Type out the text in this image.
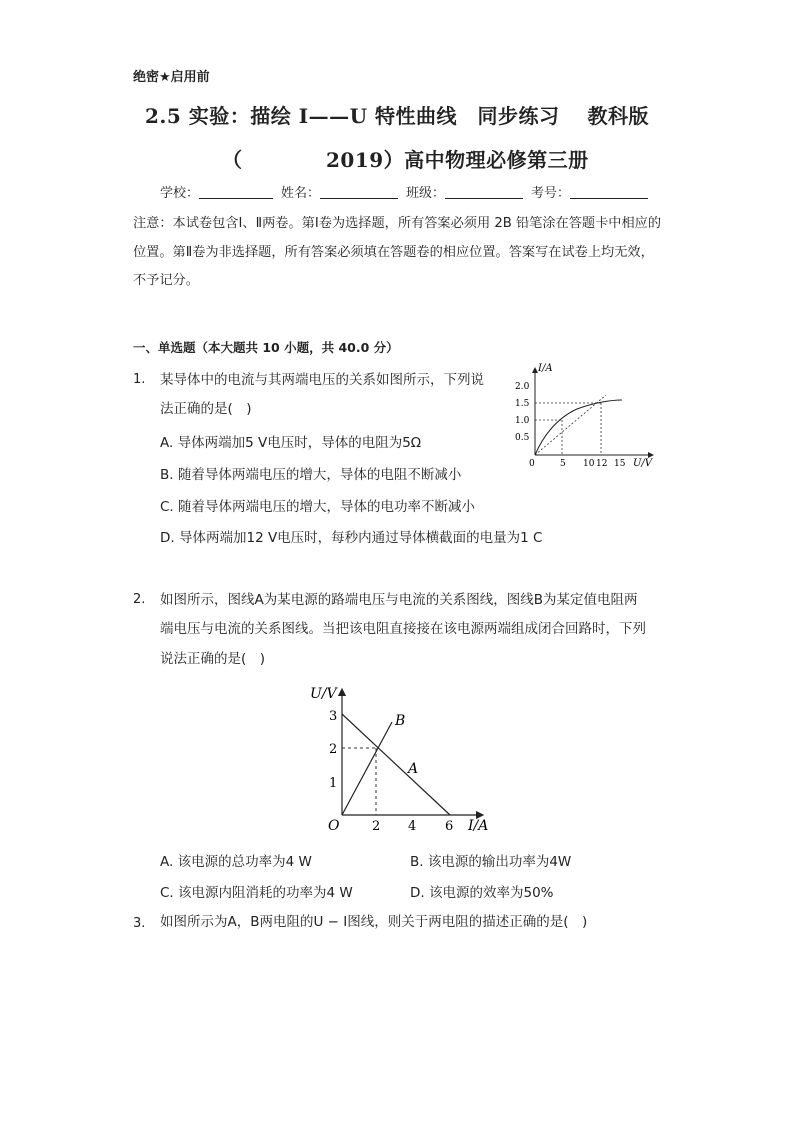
绝密★启用前
2.5 实验：描绘 I——U 特性曲线　同步练习　 教科版
（	2019）高中物理必修第三册
学校：	姓名：	班级：	考号：
注意：本试卷包含Ⅰ、Ⅱ两卷。第Ⅰ卷为选择题，所有答案必须用 2B 铅笔涂在答题卡中相应的位置。第Ⅱ卷为非选择题，所有答案必须填在答题卷的相应位置。答案写在试卷上均无效，不予记分。
一、单选题（本大题共 10 小题，共 40.0 分）
1. 某导体中的电流与其两端电压的关系如图所示，下列说
法正确的是(　)
A. 导体两端加5 V电压时，导体的电阻为5Ω
B. 随着导体两端电压的增大，导体的电阻不断减小
C. 随着导体两端电压的增大，导体的电功率不断减小
D. 导体两端加12 V电压时，每秒内通过导体横截面的电量为1 C
I/A
U/V
0	5 10 12 15
0.5
1.0
1.5
2.0
2. 如图所示，图线A为某电源的路端电压与电流的关系图线，图线B为某定值电阻两
端电压与电流的关系图线。当把该电阻直接接在该电源两端组成闭合回路时，下列
说法正确的是(　)
U/V
I/A
O	2 4 6
1
2
3
A
B
A. 该电源的总功率为4 W	B. 该电源的输出功率为4W
C. 该电源内阻消耗的功率为4 W	D. 该电源的效率为50%
3. 如图所示为A，B两电阻的U − I图线，则关于两电阻的描述正确的是(　)
